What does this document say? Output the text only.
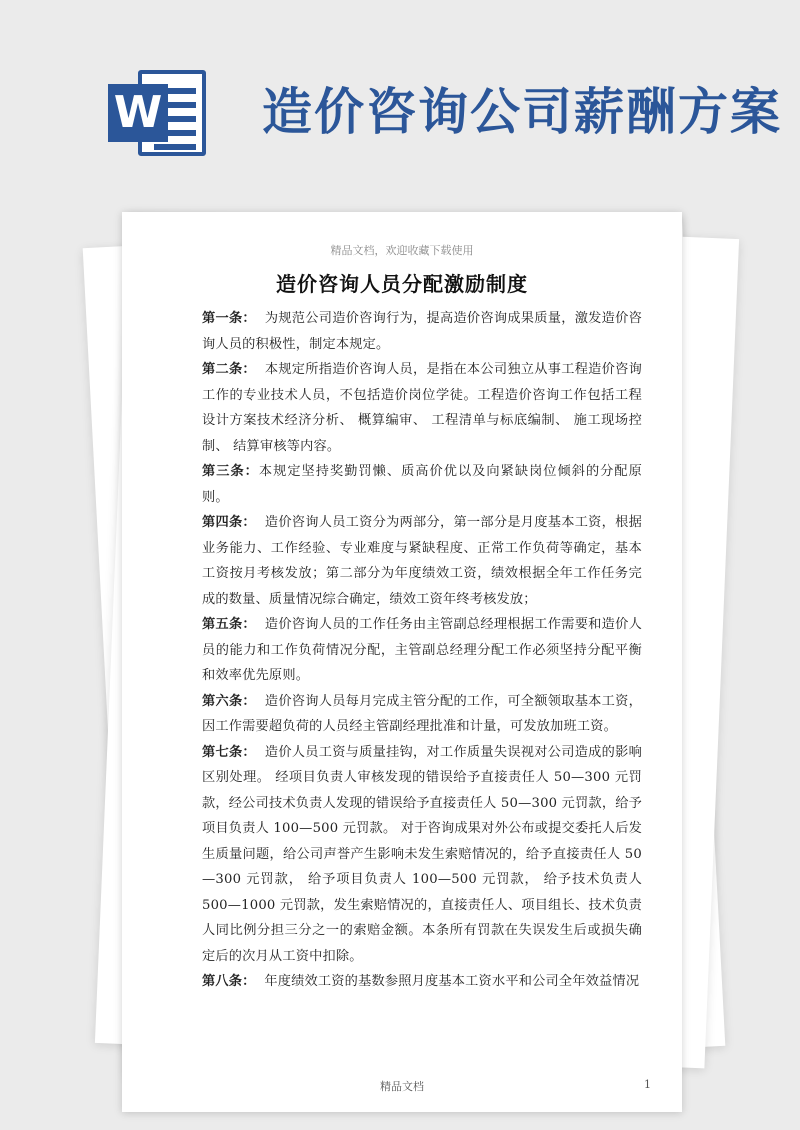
W 造价咨询公司薪酬方案
精品文档，欢迎收藏下载使用
造价咨询人员分配激励制度

第一条： 为规范公司造价咨询行为，提高造价咨询成果质量，激发造价咨询人员的积极性，制定本规定。

第二条： 本规定所指造价咨询人员，是指在本公司独立从事工程造价咨询工作的专业技术人员，不包括造价岗位学徒。工程造价咨询工作包括工程设计方案技术经济分析、 概算编审、 工程清单与标底编制、 施工现场控制、 结算审核等内容。

第三条：本规定坚持奖勤罚懒、质高价优以及向紧缺岗位倾斜的分配原则。

第四条： 造价咨询人员工资分为两部分，第一部分是月度基本工资，根据业务能力、工作经验、专业难度与紧缺程度、正常工作负荷等确定，基本工资按月考核发放；第二部分为年度绩效工资，绩效根据全年工作任务完成的数量、质量情况综合确定，绩效工资年终考核发放；

第五条： 造价咨询人员的工作任务由主管副总经理根据工作需要和造价人员的能力和工作负荷情况分配，主管副总经理分配工作必须坚持分配平衡和效率优先原则。

第六条： 造价咨询人员每月完成主管分配的工作，可全额领取基本工资，因工作需要超负荷的人员经主管副经理批准和计量，可发放加班工资。

第七条： 造价人员工资与质量挂钩，对工作质量失误视对公司造成的影响区别处理。 经项目负责人审核发现的错误给予直接责任人 50—300 元罚款，经公司技术负责人发现的错误给予直接责任人 50—300 元罚款，给予项目负责人 100—500 元罚款。 对于咨询成果对外公布或提交委托人后发生质量问题，给公司声誉产生影响未发生索赔情况的，给予直接责任人 50—300 元罚款， 给予项目负责人 100—500 元罚款， 给予技术负责人 500—1000 元罚款，发生索赔情况的，直接责任人、项目组长、技术负责人同比例分担三分之一的索赔金额。本条所有罚款在失误发生后或损失确定后的次月从工资中扣除。

第八条： 年度绩效工资的基数参照月度基本工资水平和公司全年效益情况

精品文档	1
